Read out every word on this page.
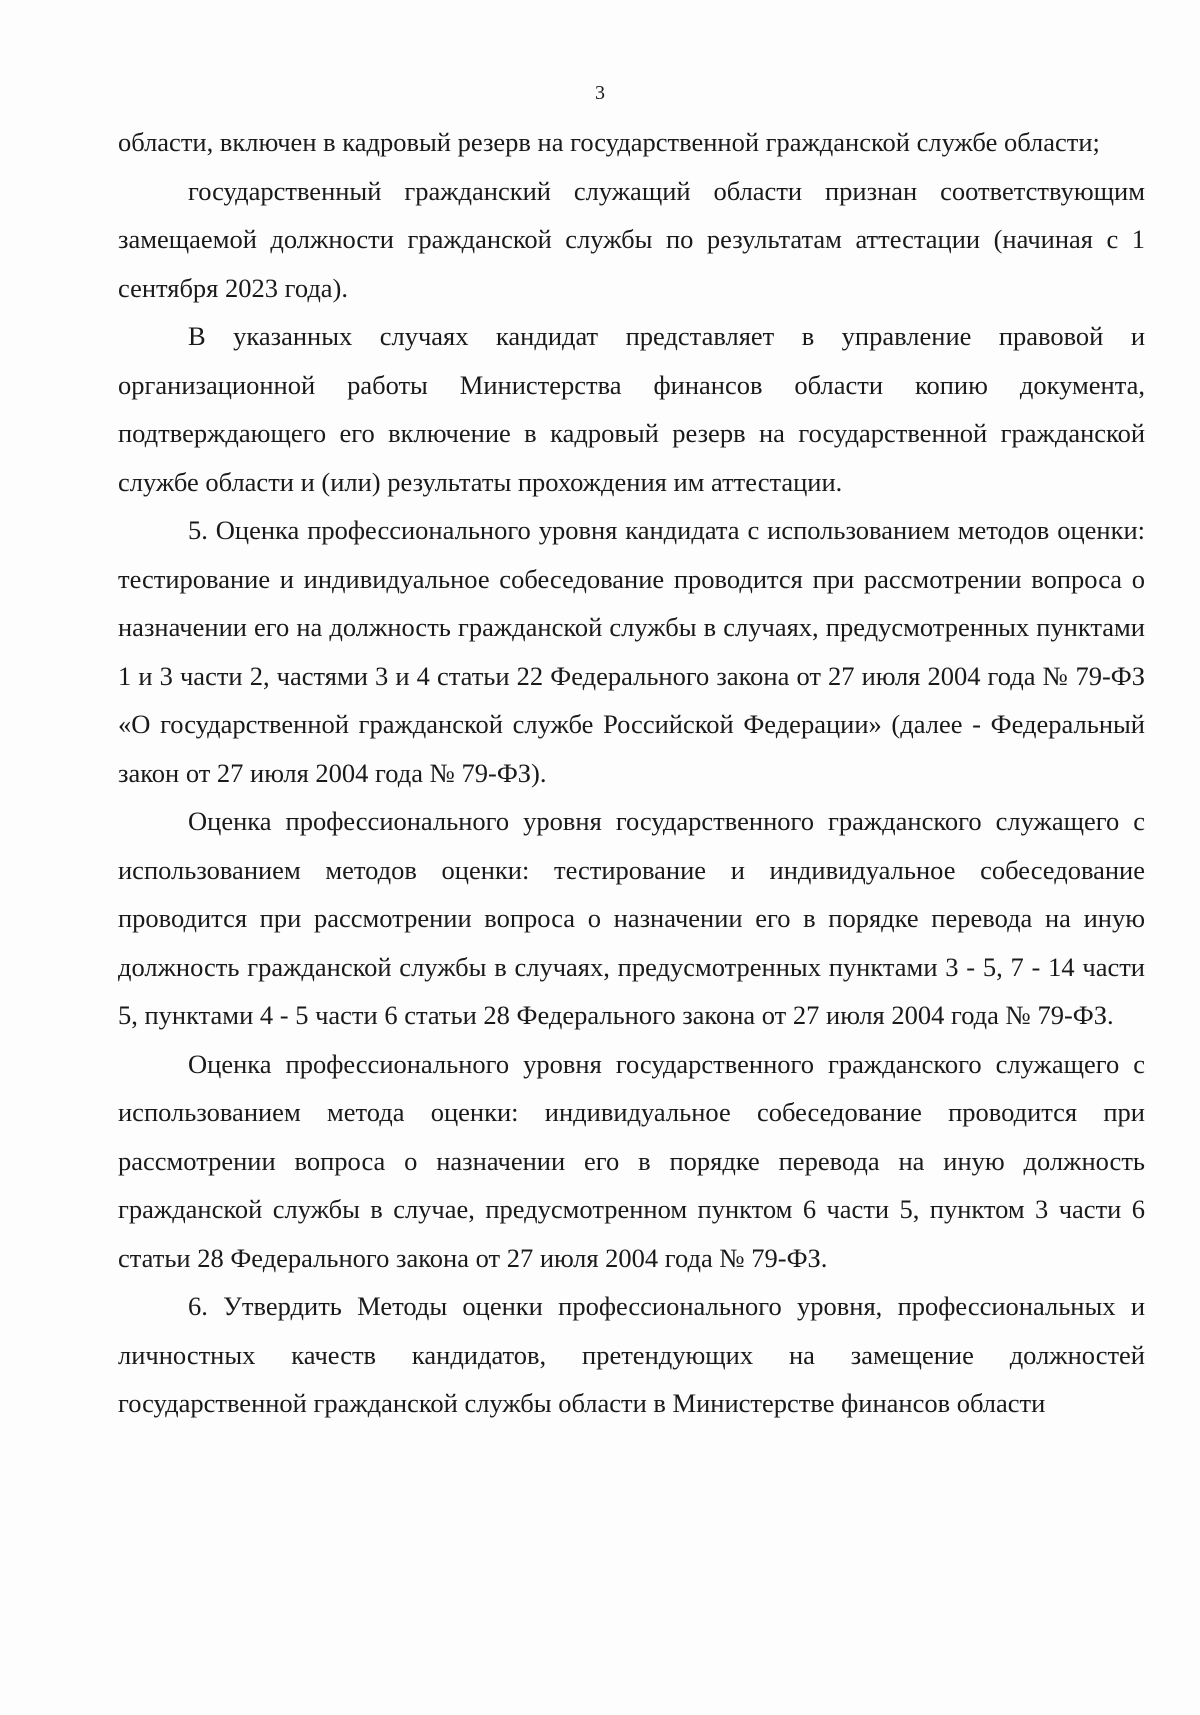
3

области, включен в кадровый резерв на государственной гражданской службе области;

государственный гражданский служащий области признан соответствующим замещаемой должности гражданской службы по результатам аттестации (начиная с 1 сентября 2023 года).

В указанных случаях кандидат представляет в управление правовой и организационной работы Министерства финансов области копию документа, подтверждающего его включение в кадровый резерв на государственной гражданской службе области и (или) результаты прохождения им аттестации.

5. Оценка профессионального уровня кандидата с использованием методов оценки: тестирование и индивидуальное собеседование проводится при рассмотрении вопроса о назначении его на должность гражданской службы в случаях, предусмотренных пунктами 1 и 3 части 2, частями 3 и 4 статьи 22 Федерального закона от 27 июля 2004 года № 79-ФЗ «О государственной гражданской службе Российской Федерации» (далее - Федеральный закон от 27 июля 2004 года № 79-ФЗ).

Оценка профессионального уровня государственного гражданского служащего с использованием методов оценки: тестирование и индивидуальное собеседование проводится при рассмотрении вопроса о назначении его в порядке перевода на иную должность гражданской службы в случаях, предусмотренных пунктами 3 - 5, 7 - 14 части 5, пунктами 4 - 5 части 6 статьи 28 Федерального закона от 27 июля 2004 года № 79-ФЗ.

Оценка профессионального уровня государственного гражданского служащего с использованием метода оценки: индивидуальное собеседование проводится при рассмотрении вопроса о назначении его в порядке перевода на иную должность гражданской службы в случае, предусмотренном пунктом 6 части 5, пунктом 3 части 6 статьи 28 Федерального закона от 27 июля 2004 года № 79-ФЗ.

6. Утвердить Методы оценки профессионального уровня, профессиональных и личностных качеств кандидатов, претендующих на замещение должностей государственной гражданской службы области в Министерстве финансов области
